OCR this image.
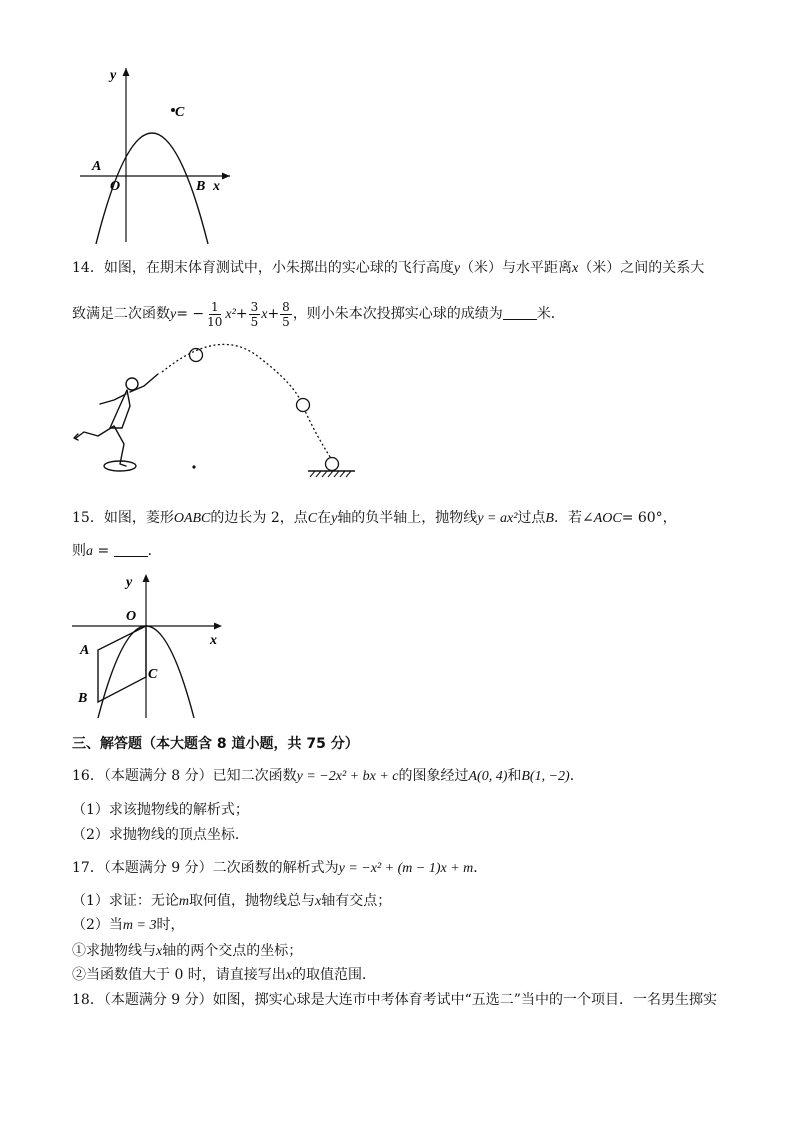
y
x
O
A
B
C
14．如图，在期末体育测试中，小朱掷出的实心球的飞行高度y（米）与水平距离x（米）之间的关系大
致满足二次函数$y= - \frac{1}{10} x^2+ \frac{3}{5} x+ \frac{8}{5}$ ，则小朱本次投掷实心球的成绩为 米．
15．如图，菱形OABC的边长为 2，点C在y轴的负半轴上，抛物线y = ax²过点B．若∠AOC= 60°，
则a = ．
y
x
O
A
B
C
三、解答题（本大题含 8 道小题，共 75 分）
16．（本题满分 8 分）已知二次函数y = −2x² + bx + c的图象经过A(0, 4)和B(1, −2)．
（1）求该抛物线的解析式；
（2）求抛物线的顶点坐标．
17．（本题满分 9 分）二次函数的解析式为y = −x² + (m − 1)x + m．
（1）求证：无论m取何值，抛物线总与x轴有交点；
（2）当m = 3时，
①求抛物线与x轴的两个交点的坐标；
②当函数值大于 0 时，请直接写出x的取值范围．
18．（本题满分 9 分）如图，掷实心球是大连市中考体育考试中“五选二”当中的一个项目．一名男生掷实
